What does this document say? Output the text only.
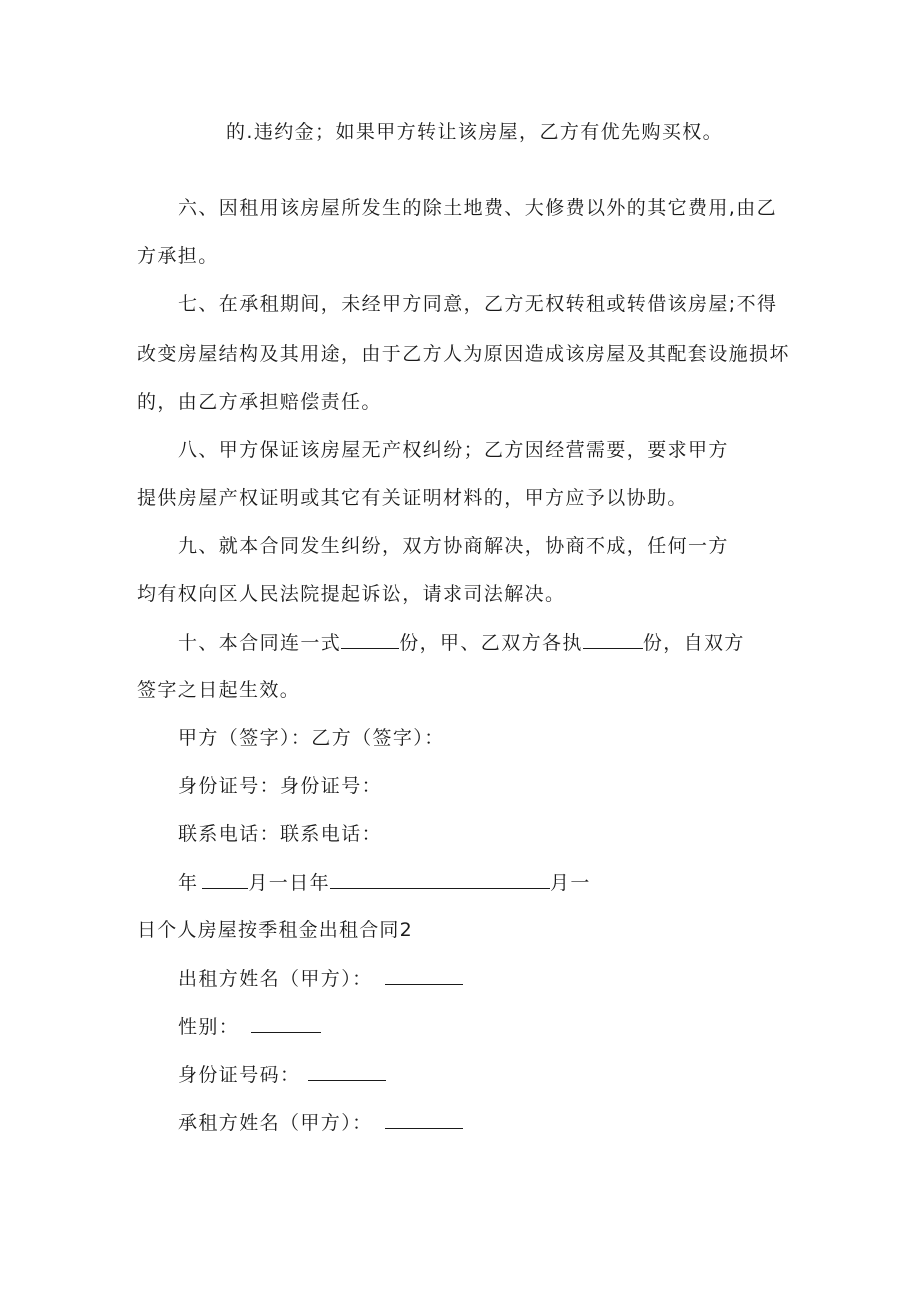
的.违约金；如果甲方转让该房屋，乙方有优先购买权。
六、因租用该房屋所发生的除土地费、大修费以外的其它费用,由乙
方承担。
七、在承租期间，未经甲方同意，乙方无权转租或转借该房屋;不得
改变房屋结构及其用途，由于乙方人为原因造成该房屋及其配套设施损坏
的，由乙方承担赔偿责任。
八、甲方保证该房屋无产权纠纷；乙方因经营需要，要求甲方
提供房屋产权证明或其它有关证明材料的，甲方应予以协助。
九、就本合同发生纠纷，双方协商解决，协商不成，任何一方
均有权向区人民法院提起诉讼，请求司法解决。
十、本合同连一式	份，甲、乙双方各执	份，自双方
签字之日起生效。
甲方（签字）：乙方（签字）：
身份证号：身份证号：
联系电话：联系电话：
年	月一日年	月一
日个人房屋按季租金出租合同2
出租方姓名（甲方）：
性别：
身份证号码：
承租方姓名（甲方）：
